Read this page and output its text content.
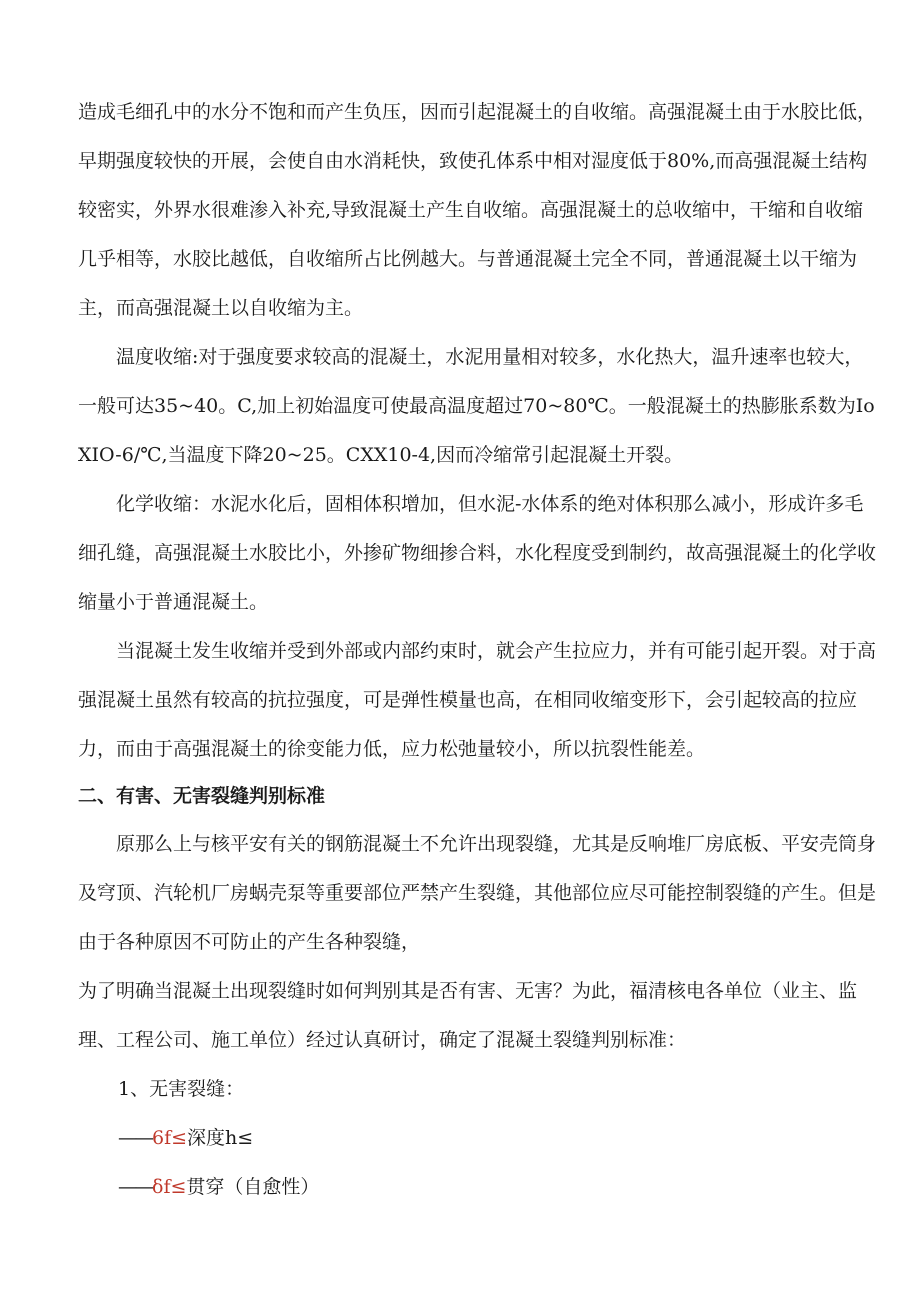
造成毛细孔中的水分不饱和而产生负压，因而引起混凝土的自收缩。高强混凝土由于水胶比低，早期强度较快的开展，会使自由水消耗快，致使孔体系中相对湿度低于80%,而高强混凝土结构较密实，外界水很难渗入补充,导致混凝土产生自收缩。高强混凝土的总收缩中，干缩和自收缩几乎相等，水胶比越低，自收缩所占比例越大。与普通混凝土完全不同，普通混凝土以干缩为主，而高强混凝土以自收缩为主。

温度收缩:对于强度要求较高的混凝土，水泥用量相对较多，水化热大，温升速率也较大，一般可达35~40。C,加上初始温度可使最高温度超过70~80℃。一般混凝土的热膨胀系数为IoXIO-6/℃,当温度下降20~25。CXX10-4,因而冷缩常引起混凝土开裂。

化学收缩：水泥水化后，固相体积增加，但水泥-水体系的绝对体积那么减小，形成许多毛细孔缝，高强混凝土水胶比小，外掺矿物细掺合料，水化程度受到制约，故高强混凝土的化学收缩量小于普通混凝土。

当混凝土发生收缩并受到外部或内部约束时，就会产生拉应力，并有可能引起开裂。对于高强混凝土虽然有较高的抗拉强度，可是弹性模量也高，在相同收缩变形下，会引起较高的拉应力，而由于高强混凝土的徐变能力低，应力松弛量较小，所以抗裂性能差。

二、有害、无害裂缝判别标准

原那么上与核平安有关的钢筋混凝土不允许出现裂缝，尤其是反响堆厂房底板、平安壳筒身及穹顶、汽轮机厂房蜗壳泵等重要部位严禁产生裂缝，其他部位应尽可能控制裂缝的产生。但是由于各种原因不可防止的产生各种裂缝，

为了明确当混凝土出现裂缝时如何判别其是否有害、无害？为此，福清核电各单位（业主、监理、工程公司、施工单位）经过认真研讨，确定了混凝土裂缝判别标准：

1、无害裂缝：

——6f≤深度h≤

——δf≤贯穿（自愈性）
